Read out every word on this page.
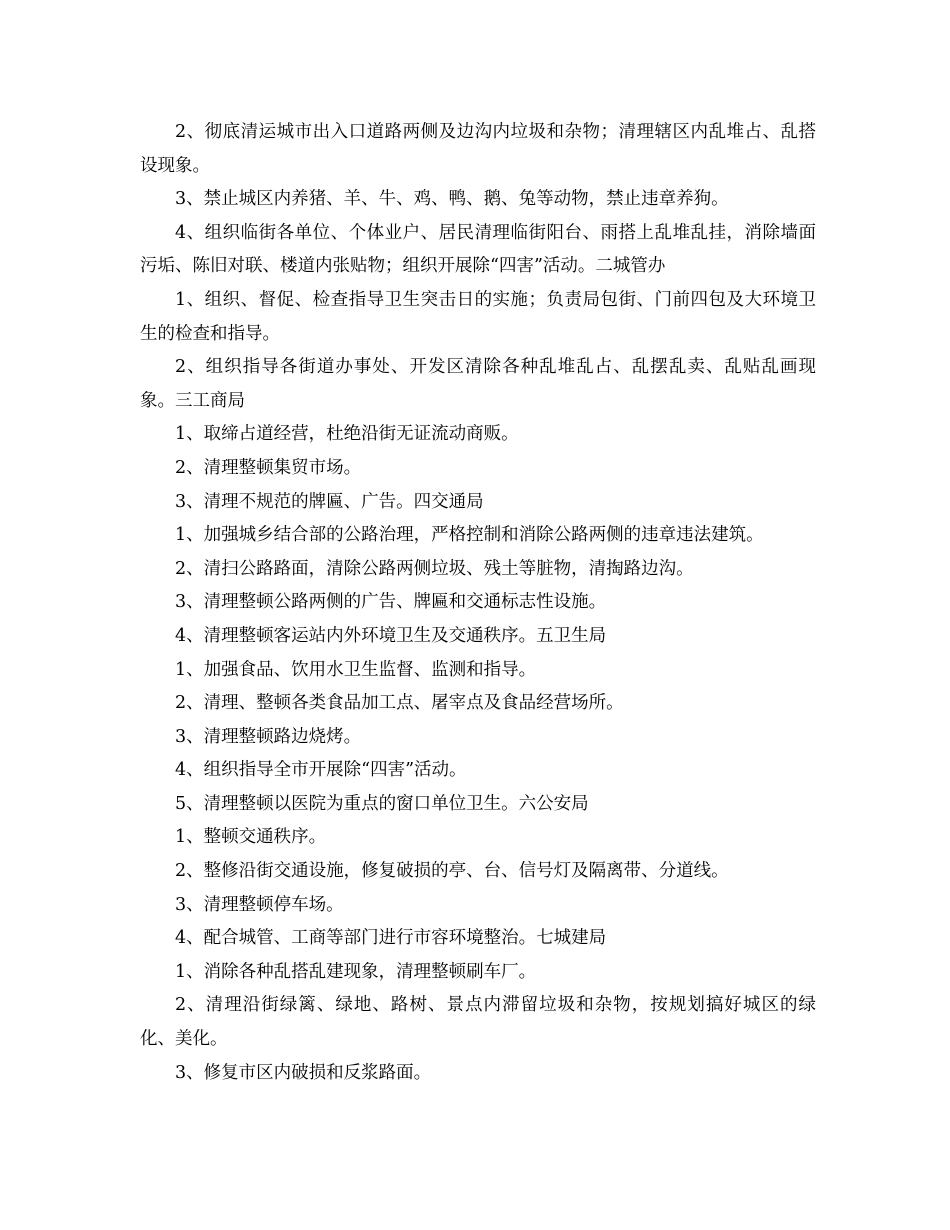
2、彻底清运城市出入口道路两侧及边沟内垃圾和杂物；清理辖区内乱堆占、乱搭设现象。

3、禁止城区内养猪、羊、牛、鸡、鸭、鹅、兔等动物，禁止违章养狗。

4、组织临街各单位、个体业户、居民清理临街阳台、雨搭上乱堆乱挂，消除墙面污垢、陈旧对联、楼道内张贴物；组织开展除“四害”活动。二城管办

1、组织、督促、检查指导卫生突击日的实施；负责局包街、门前四包及大环境卫生的检查和指导。

2、组织指导各街道办事处、开发区清除各种乱堆乱占、乱摆乱卖、乱贴乱画现象。三工商局

1、取缔占道经营，杜绝沿街无证流动商贩。

2、清理整顿集贸市场。

3、清理不规范的牌匾、广告。四交通局

1、加强城乡结合部的公路治理，严格控制和消除公路两侧的违章违法建筑。

2、清扫公路路面，清除公路两侧垃圾、残土等脏物，清掏路边沟。

3、清理整顿公路两侧的广告、牌匾和交通标志性设施。

4、清理整顿客运站内外环境卫生及交通秩序。五卫生局

1、加强食品、饮用水卫生监督、监测和指导。

2、清理、整顿各类食品加工点、屠宰点及食品经营场所。

3、清理整顿路边烧烤。

4、组织指导全市开展除“四害”活动。

5、清理整顿以医院为重点的窗口单位卫生。六公安局

1、整顿交通秩序。

2、整修沿街交通设施，修复破损的亭、台、信号灯及隔离带、分道线。

3、清理整顿停车场。

4、配合城管、工商等部门进行市容环境整治。七城建局

1、消除各种乱搭乱建现象，清理整顿刷车厂。

2、清理沿街绿篱、绿地、路树、景点内滞留垃圾和杂物，按规划搞好城区的绿化、美化。

3、修复市区内破损和反浆路面。
